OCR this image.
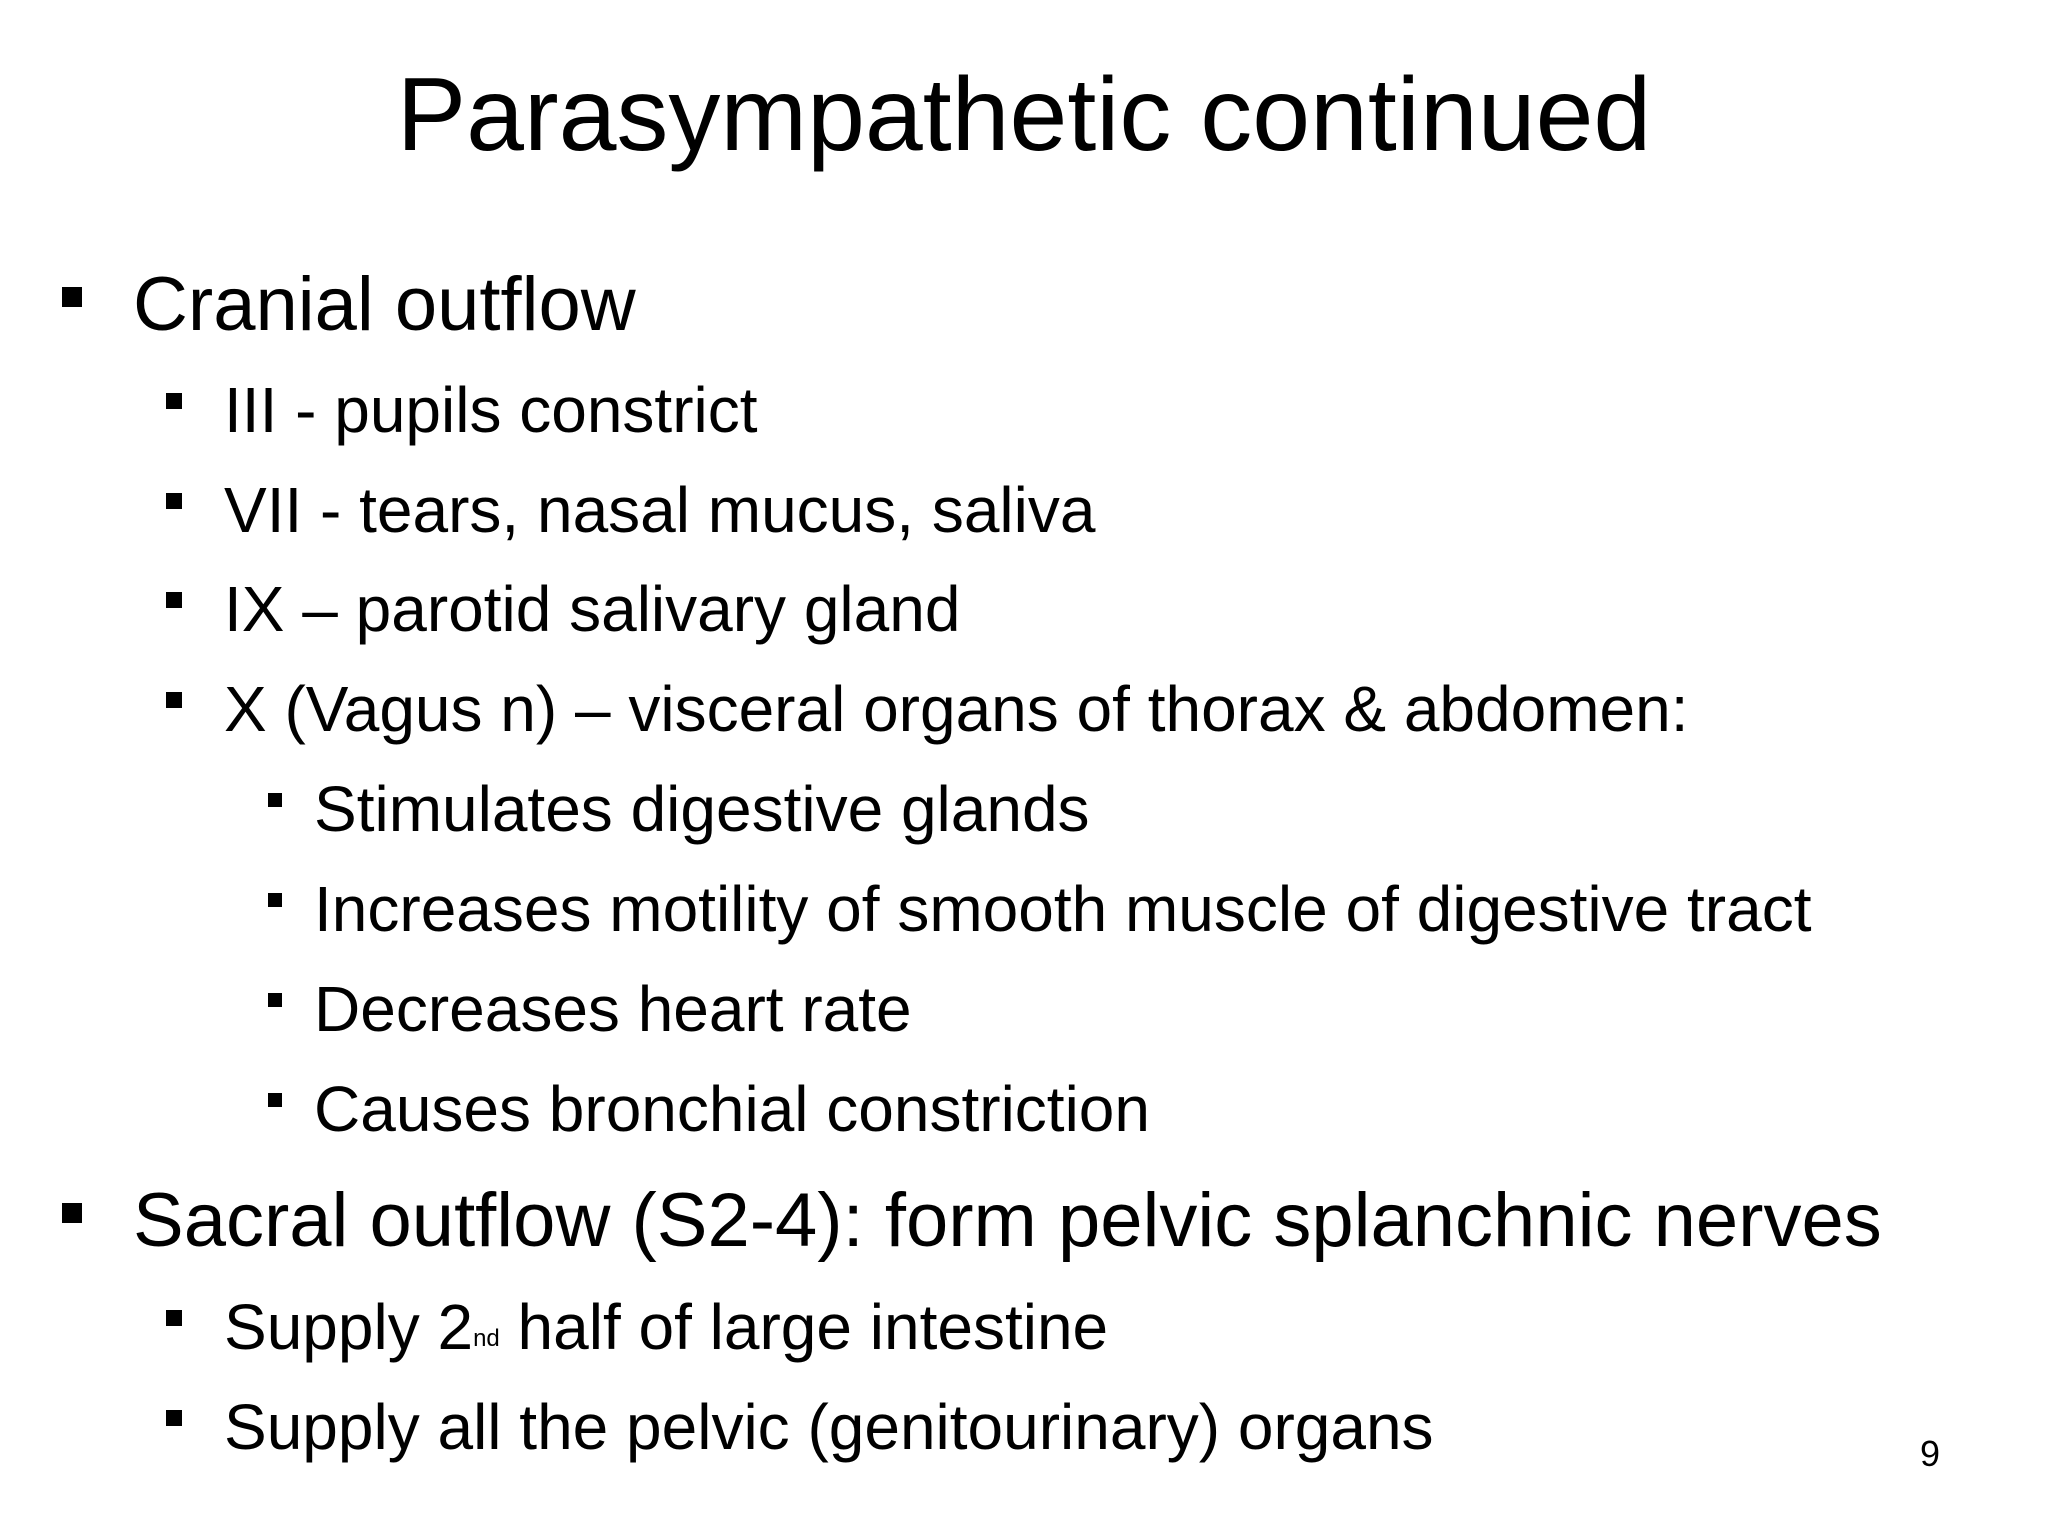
Parasympathetic continued
Cranial outflow
III - pupils constrict
VII - tears, nasal mucus, saliva
IX – parotid salivary gland
X (Vagus n) – visceral organs of thorax & abdomen:
Stimulates digestive glands
Increases motility of smooth muscle of digestive tract
Decreases heart rate
Causes bronchial constriction
Sacral outflow (S2-4): form pelvic splanchnic nerves
Supply 2nd half of large intestine
Supply all the pelvic (genitourinary) organs	9
